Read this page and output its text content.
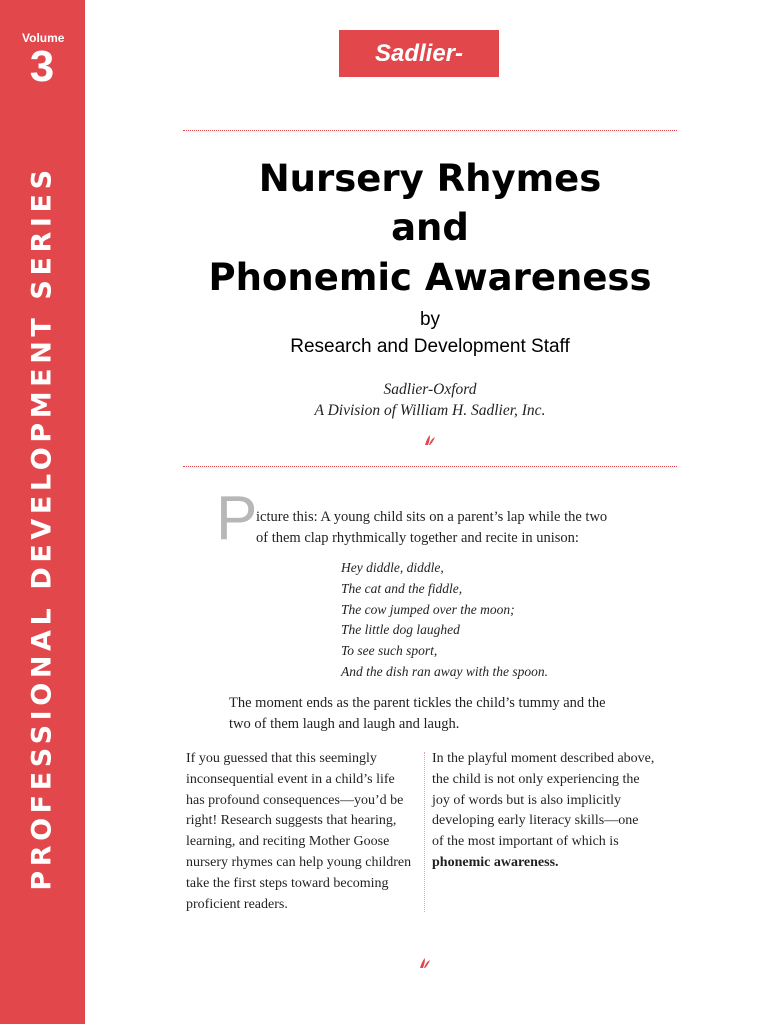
Volume
3
PROFESSIONAL DEVELOPMENT SERIES
Sadlier-Oxford
Nursery Rhymes
and
Phonemic Awareness
by
Research and Development Staff
Sadlier-Oxford
A Division of William H. Sadlier, Inc.
P
icture this: A young child sits on a parent’s lap while the two
of them clap rhythmically together and recite in unison:
Hey diddle, diddle,
The cat and the fiddle,
The cow jumped over the moon;
The little dog laughed
To see such sport,
And the dish ran away with the spoon.
The moment ends as the parent tickles the child’s tummy and the
two of them laugh and laugh and laugh.
If you guessed that this seemingly
inconsequential event in a child’s life
has profound consequences—you’d be
right! Research suggests that hearing,
learning, and reciting Mother Goose
nursery rhymes can help young children
take the first steps toward becoming
proficient readers.
In the playful moment described above,
the child is not only experiencing the
joy of words but is also implicitly
developing early literacy skills—one
of the most important of which is
phonemic awareness.
